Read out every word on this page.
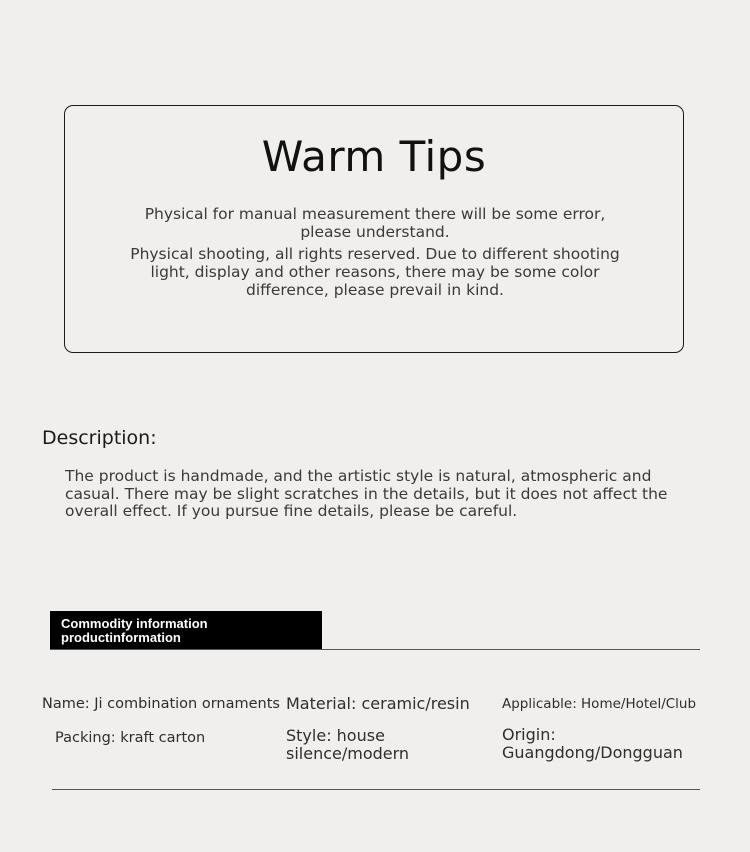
Warm Tips

Physical for manual measurement there will be some error, please understand.

Physical shooting, all rights reserved. Due to different shooting light, display and other reasons, there may be some color difference, please prevail in kind.

Description:

The product is handmade, and the artistic style is natural, atmospheric and casual. There may be slight scratches in the details, but it does not affect the overall effect. If you pursue fine details, please be careful.

Commodity information
productinformation

Name: Ji combination ornaments Material: ceramic/resin Applicable: Home/Hotel/Club

Packing: kraft carton	Style: house silence/modern

Origin: Guangdong/Dongguan
